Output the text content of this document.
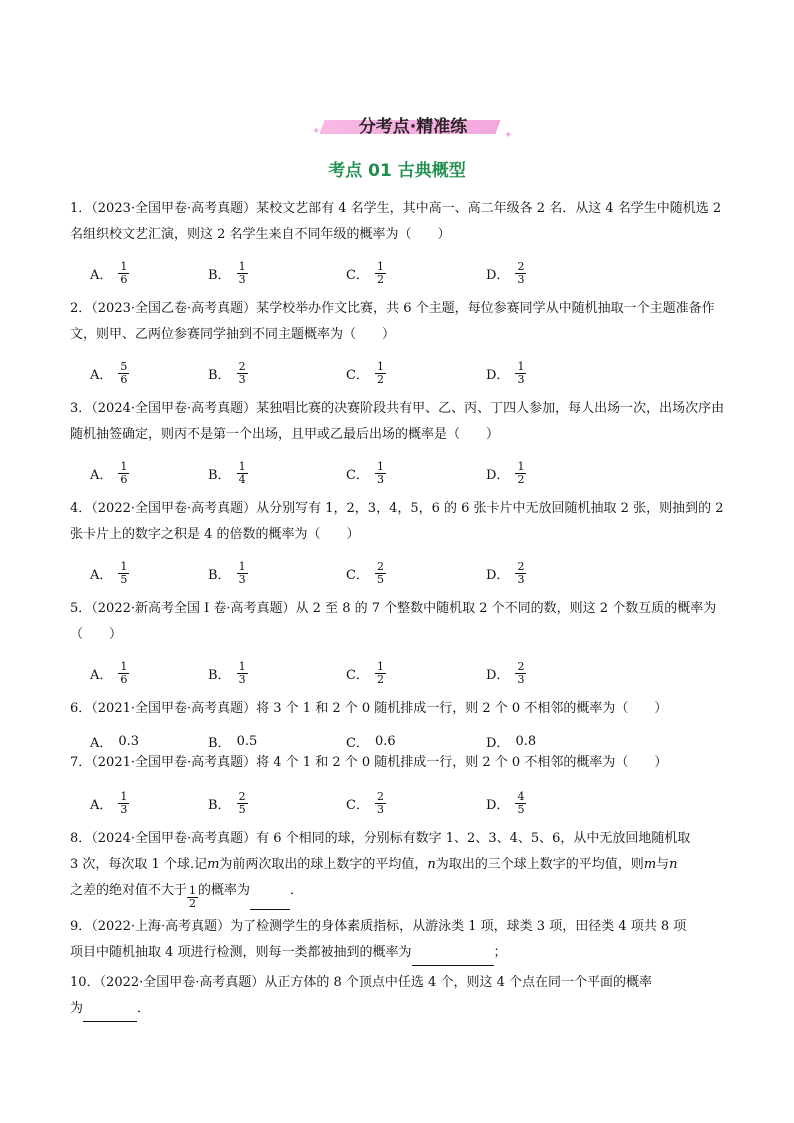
分考点·精准练
✦	✦
考点 01 古典概型

1．（2023·全国甲卷·高考真题）某校文艺部有 4 名学生，其中高一、高二年级各 2 名．从这 4 名学生中随机选 2 名组织校文艺汇演，则这 2 名学生来自不同年级的概率为（　　）

A． $\frac{1}{6}$	B． $\frac{1}{3}$	C． $\frac{1}{2}$	D． $\frac{2}{3}$

2．（2023·全国乙卷·高考真题）某学校举办作文比赛，共 6 个主题，每位参赛同学从中随机抽取一个主题准备作文，则甲、乙两位参赛同学抽到不同主题概率为（　　）

A． $\frac{5}{6}$	B． $\frac{2}{3}$	C． $\frac{1}{2}$	D． $\frac{1}{3}$

3．（2024·全国甲卷·高考真题）某独唱比赛的决赛阶段共有甲、乙、丙、丁四人参加，每人出场一次，出场次序由随机抽签确定，则丙不是第一个出场，且甲或乙最后出场的概率是（　　）

A． $\frac{1}{6}$	B． $\frac{1}{4}$	C． $\frac{1}{3}$	D． $\frac{1}{2}$

4．（2022·全国甲卷·高考真题）从分别写有 1，2，3，4，5，6 的 6 张卡片中无放回随机抽取 2 张，则抽到的 2 张卡片上的数字之积是 4 的倍数的概率为（　　）

A． $\frac{1}{5}$	B． $\frac{1}{3}$	C． $\frac{2}{5}$	D． $\frac{2}{3}$

5．（2022·新高考全国 I 卷·高考真题）从 2 至 8 的 7 个整数中随机取 2 个不同的数，则这 2 个数互质的概率为（　　）

A． $\frac{1}{6}$	B． $\frac{1}{3}$	C． $\frac{1}{2}$	D． $\frac{2}{3}$

6．（2021·全国甲卷·高考真题）将 3 个 1 和 2 个 0 随机排成一行，则 2 个 0 不相邻的概率为（　　）

A． 0.3	B． 0.5	C． 0.6	D． 0.8

7．（2021·全国甲卷·高考真题）将 4 个 1 和 2 个 0 随机排成一行，则 2 个 0 不相邻的概率为（　　）

A． $\frac{1}{3}$	B． $\frac{2}{5}$	C． $\frac{2}{3}$	D． $\frac{4}{5}$

8．（2024·全国甲卷·高考真题）有 6 个相同的球，分别标有数字 1、2、3、4、5、6，从中无放回地随机取

3 次，每次取 1 个球.记m为前两次取出的球上数字的平均值，n为取出的三个球上数字的平均值，则m与n

之差的绝对值不大于 $\frac{1}{2}$ 的概率为	．

9．（2022·上海·高考真题）为了检测学生的身体素质指标，从游泳类 1 项，球类 3 项，田径类 4 项共 8 项

项目中随机抽取 4 项进行检测，则每一类都被抽到的概率为	；

10．（2022·全国甲卷·高考真题）从正方体的 8 个顶点中任选 4 个，则这 4 个点在同一个平面的概率

为	．
